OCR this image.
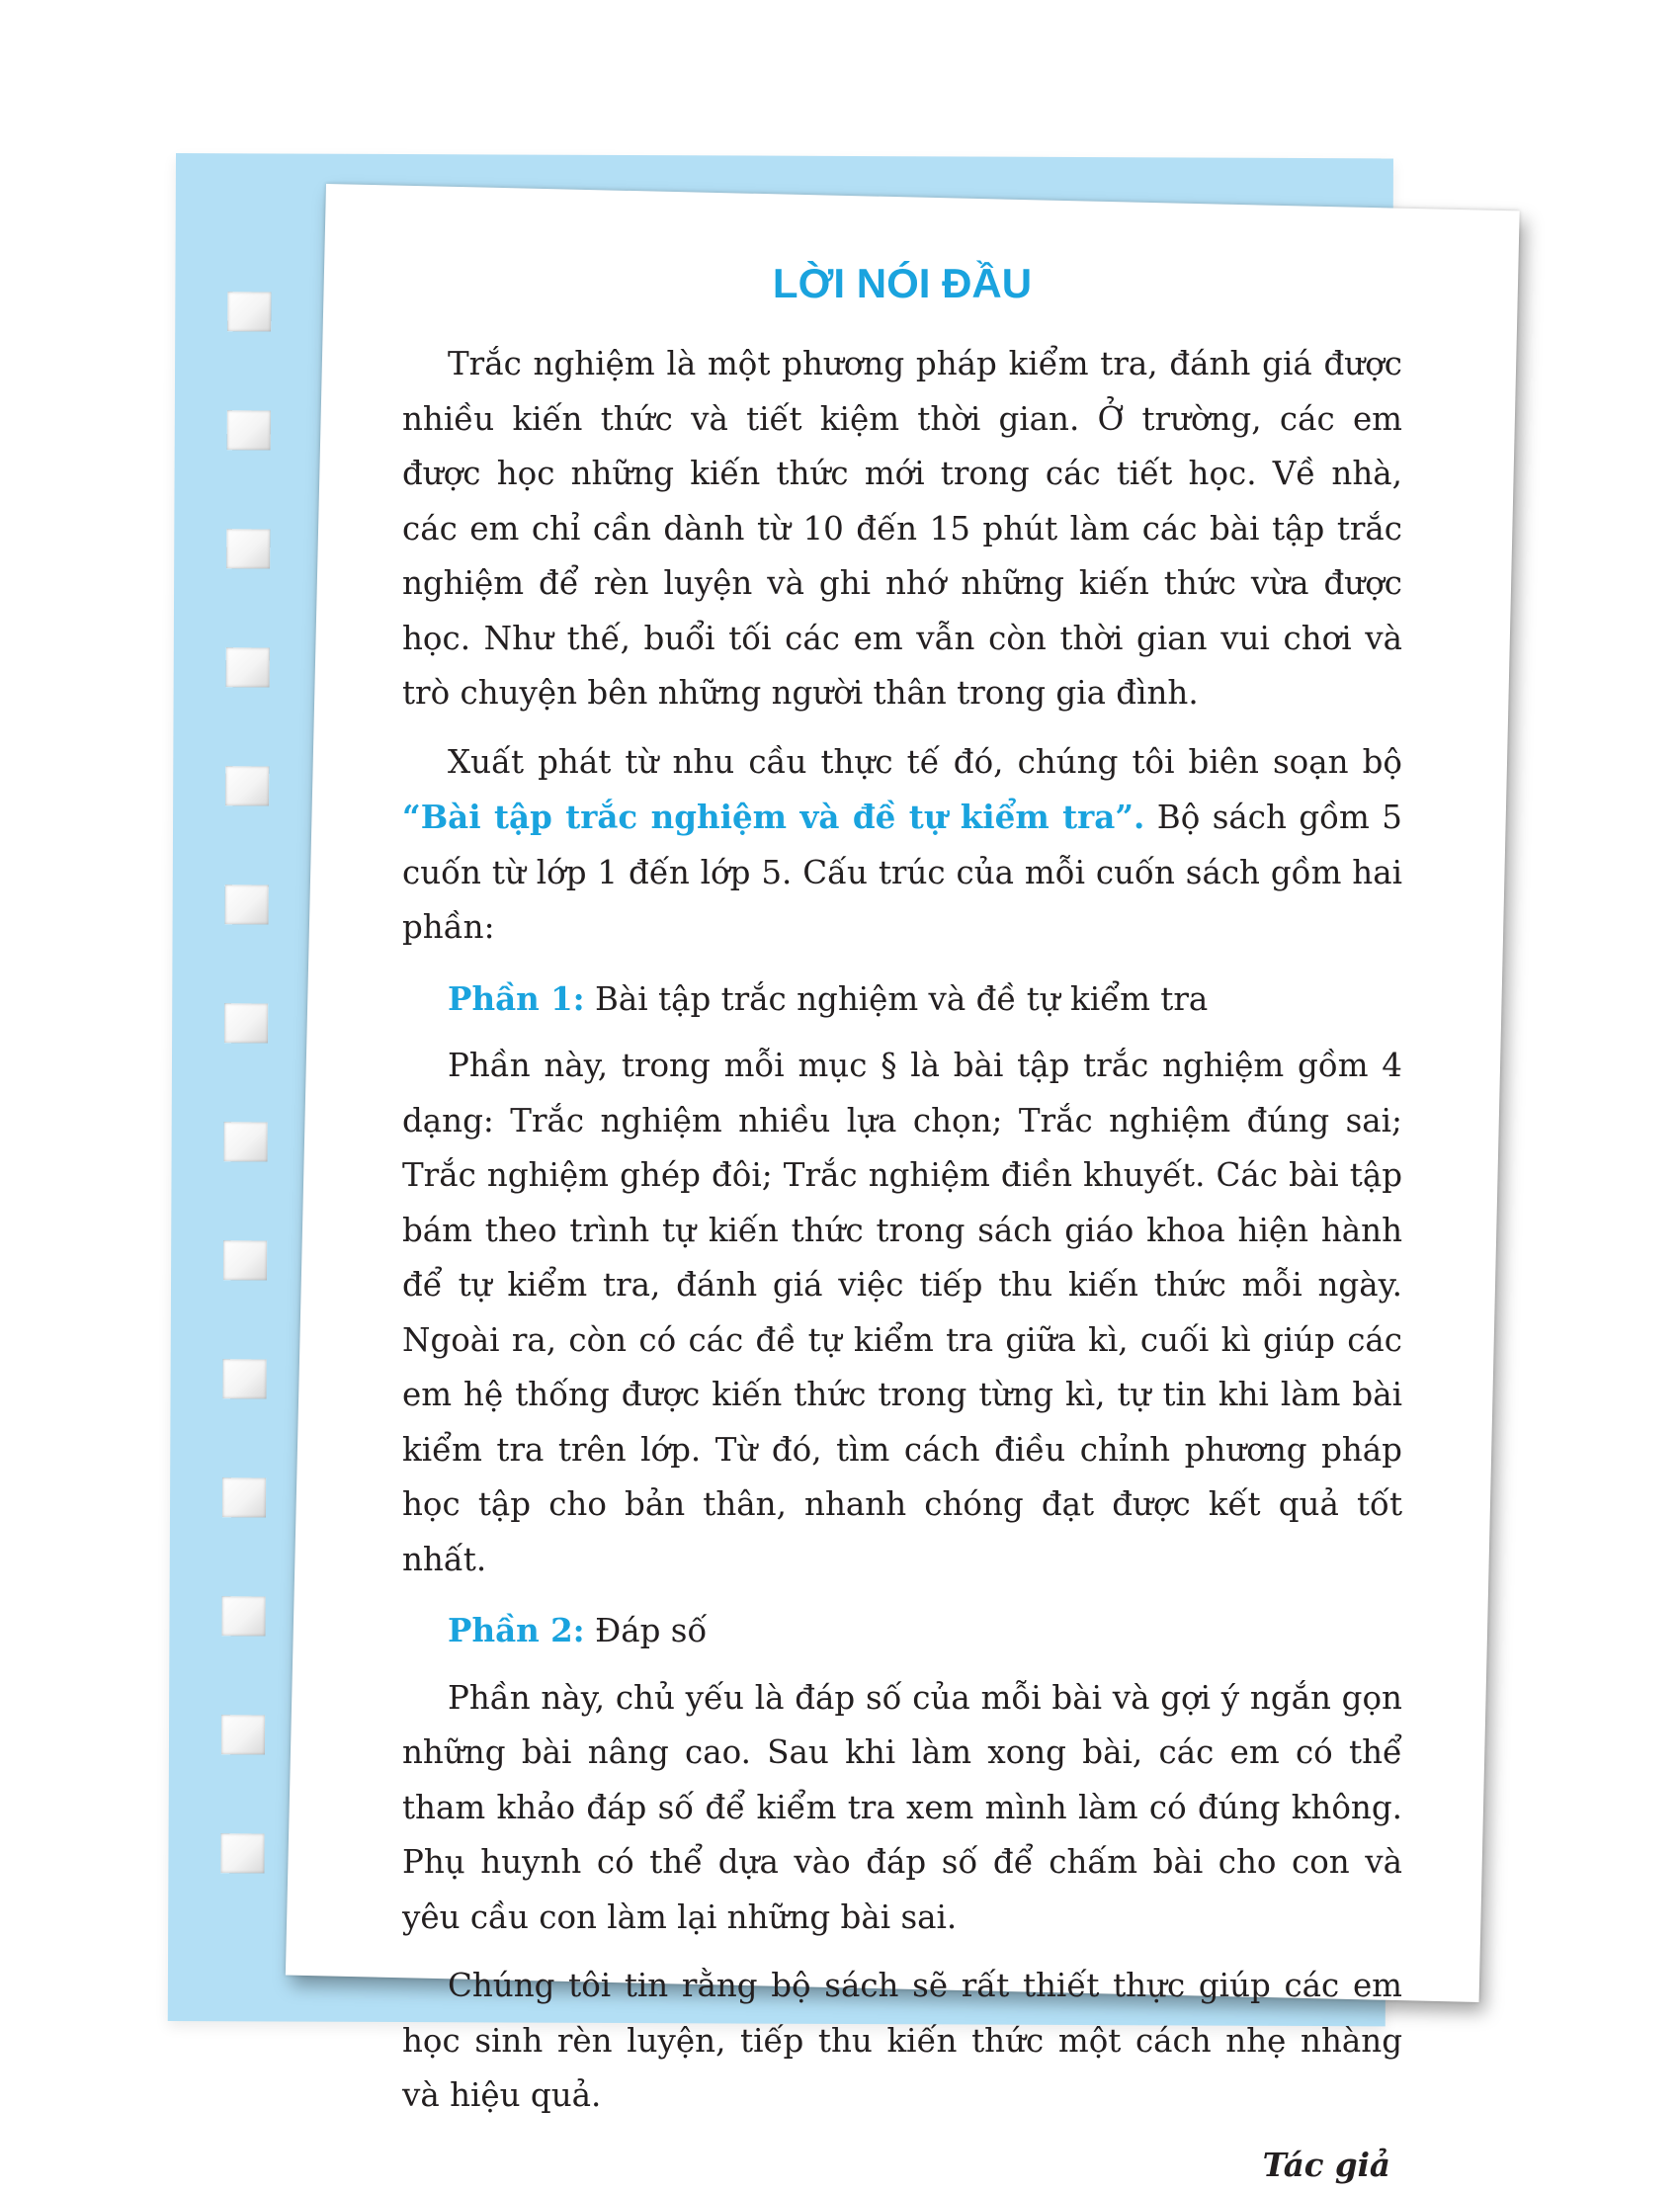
LỜI NÓI ĐẦU

Trắc nghiệm là một phương pháp kiểm tra, đánh giá được nhiều kiến thức và tiết kiệm thời gian. Ở trường, các em được học những kiến thức mới trong các tiết học. Về nhà, các em chỉ cần dành từ 10 đến 15 phút làm các bài tập trắc nghiệm để rèn luyện và ghi nhớ những kiến thức vừa được học. Như thế, buổi tối các em vẫn còn thời gian vui chơi và trò chuyện bên những người thân trong gia đình.

Xuất phát từ nhu cầu thực tế đó, chúng tôi biên soạn bộ “Bài tập trắc nghiệm và đề tự kiểm tra”. Bộ sách gồm 5 cuốn từ lớp 1 đến lớp 5. Cấu trúc của mỗi cuốn sách gồm hai phần:

Phần 1: Bài tập trắc nghiệm và đề tự kiểm tra

Phần này, trong mỗi mục § là bài tập trắc nghiệm gồm 4 dạng: Trắc nghiệm nhiều lựa chọn; Trắc nghiệm đúng sai; Trắc nghiệm ghép đôi; Trắc nghiệm điền khuyết. Các bài tập bám theo trình tự kiến thức trong sách giáo khoa hiện hành để tự kiểm tra, đánh giá việc tiếp thu kiến thức mỗi ngày. Ngoài ra, còn có các đề tự kiểm tra giữa kì, cuối kì giúp các em hệ thống được kiến thức trong từng kì, tự tin khi làm bài kiểm tra trên lớp. Từ đó, tìm cách điều chỉnh phương pháp học tập cho bản thân, nhanh chóng đạt được kết quả tốt nhất.

Phần 2: Đáp số

Phần này, chủ yếu là đáp số của mỗi bài và gợi ý ngắn gọn những bài nâng cao. Sau khi làm xong bài, các em có thể tham khảo đáp số để kiểm tra xem mình làm có đúng không. Phụ huynh có thể dựa vào đáp số để chấm bài cho con và yêu cầu con làm lại những bài sai.

Chúng tôi tin rằng bộ sách sẽ rất thiết thực giúp các em học sinh rèn luyện, tiếp thu kiến thức một cách nhẹ nhàng và hiệu quả.

Tác giả
